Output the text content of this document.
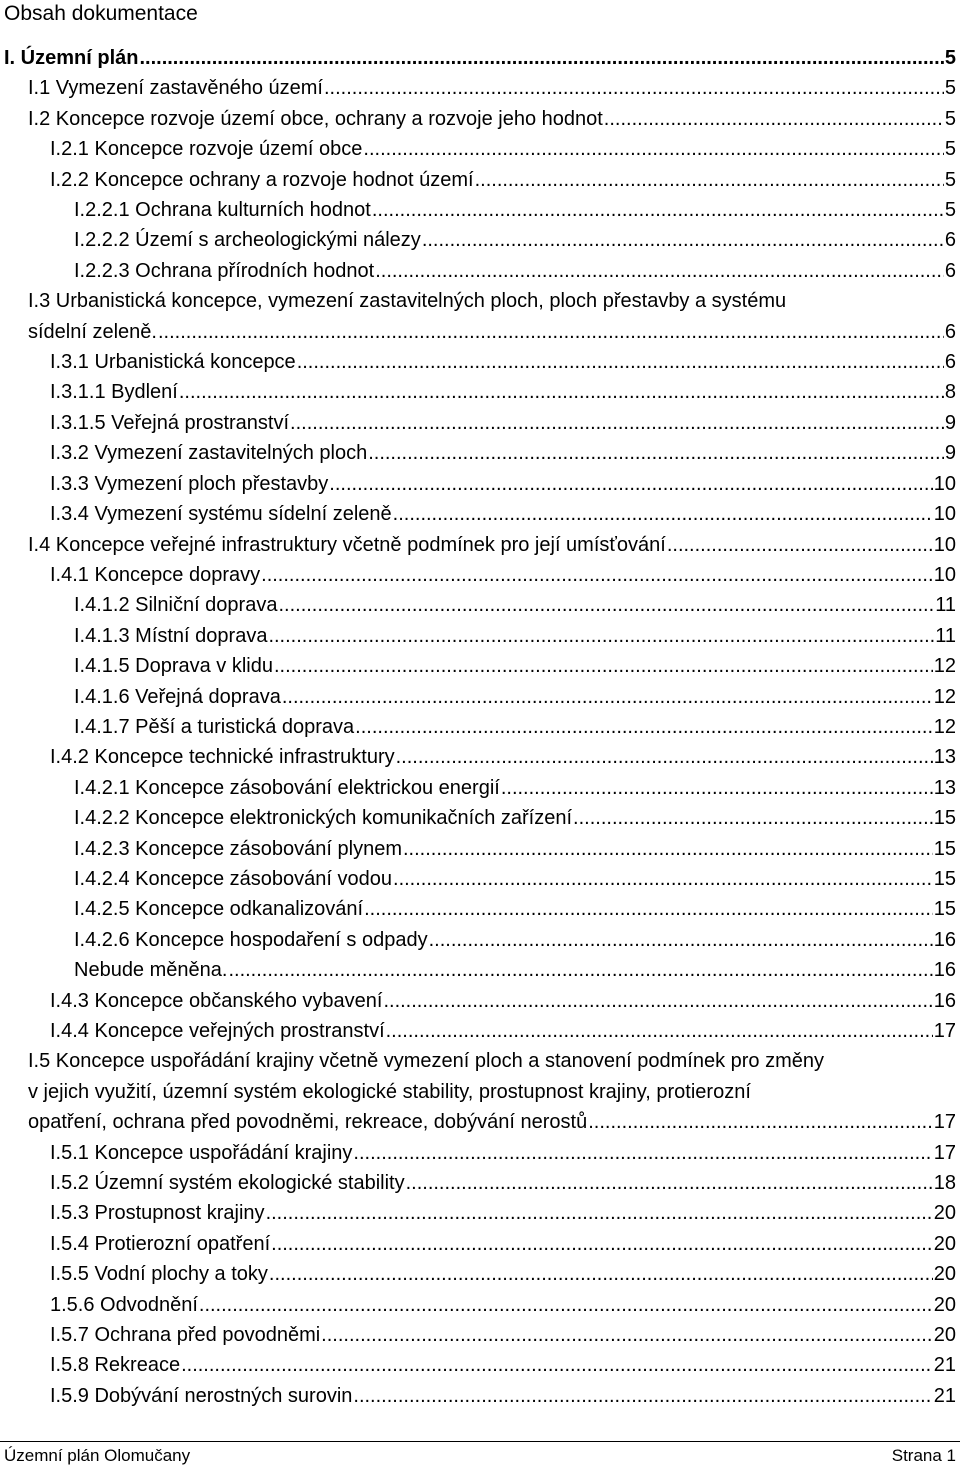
Obsah dokumentace
I. Územní plán .....	5
I.1 Vymezení zastavěného území .....	5
I.2 Koncepce rozvoje území obce, ochrany a rozvoje jeho hodnot .....	5
I.2.1 Koncepce rozvoje území obce .....	5
I.2.2 Koncepce ochrany a rozvoje hodnot území .....	5
I.2.2.1 Ochrana kulturních hodnot .....	5
I.2.2.2 Území s archeologickými nálezy .....	6
I.2.2.3 Ochrana přírodních hodnot .....	6
I.3 Urbanistická koncepce, vymezení zastavitelných ploch, ploch přestavby a systému
sídelní zeleně. .....	6
I.3.1 Urbanistická koncepce .....	6
I.3.1.1 Bydlení .....	8
I.3.1.5 Veřejná prostranství .....	9
I.3.2 Vymezení zastavitelných ploch .....	9
I.3.3 Vymezení ploch přestavby .....	10
I.3.4 Vymezení systému sídelní zeleně .....	10
I.4 Koncepce veřejné infrastruktury včetně podmínek pro její umísťování .....	10
I.4.1 Koncepce dopravy .....	10
I.4.1.2 Silniční doprava .....	11
I.4.1.3 Místní doprava .....	11
I.4.1.5 Doprava v klidu .....	12
I.4.1.6 Veřejná doprava .....	12
I.4.1.7 Pěší a turistická doprava .....	12
I.4.2 Koncepce technické infrastruktury .....	13
I.4.2.1 Koncepce zásobování elektrickou energií .....	13
I.4.2.2 Koncepce elektronických komunikačních zařízení .....	15
I.4.2.3 Koncepce zásobování plynem .....	15
I.4.2.4 Koncepce zásobování vodou .....	15
I.4.2.5 Koncepce odkanalizování .....	15
I.4.2.6 Koncepce hospodaření s odpady .....	16
Nebude měněna. .....	16
I.4.3 Koncepce občanského vybavení .....	16
I.4.4 Koncepce veřejných prostranství .....	17
I.5 Koncepce uspořádání krajiny včetně vymezení ploch a stanovení podmínek pro změny
v jejich využití, územní systém ekologické stability, prostupnost krajiny, protierozní
opatření, ochrana před povodněmi, rekreace, dobývání nerostů .....	17
I.5.1 Koncepce uspořádání krajiny .....	17
I.5.2 Územní systém ekologické stability .....	18
I.5.3 Prostupnost krajiny .....	20
I.5.4 Protierozní opatření .....	20
I.5.5 Vodní plochy a toky .....	20
1.5.6 Odvodnění .....	20
I.5.7 Ochrana před povodněmi .....	20
I.5.8 Rekreace .....	21
I.5.9 Dobývání nerostných surovin .....	21
Územní plán Olomučany	Strana 1
